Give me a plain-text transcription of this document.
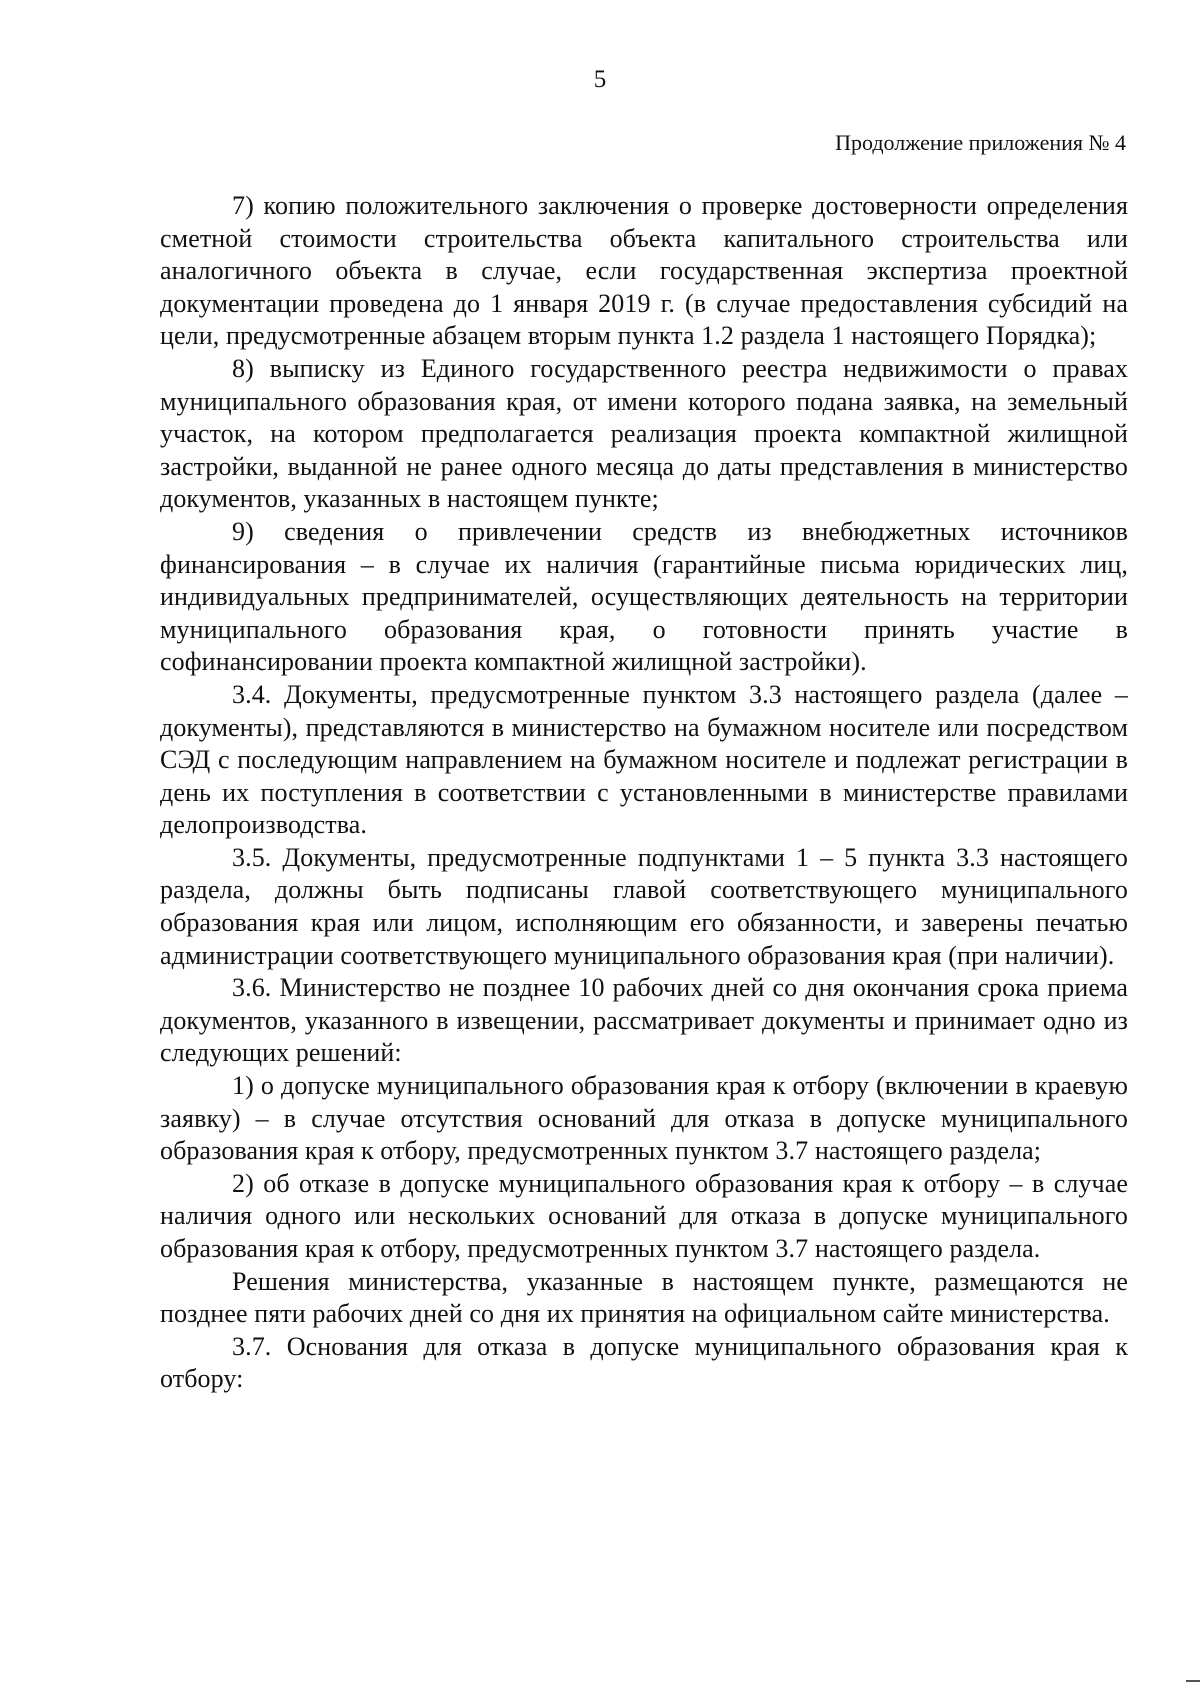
5
Продолжение приложения № 4

7) копию положительного заключения о проверке достоверности определения сметной стоимости строительства объекта капитального строительства или аналогичного объекта в случае, если государственная экспертиза проектной документации проведена до 1 января 2019 г. (в случае предоставления субсидий на цели, предусмотренные абзацем вторым пункта 1.2 раздела 1 настоящего Порядка);

8) выписку из Единого государственного реестра недвижимости о правах муниципального образования края, от имени которого подана заявка, на земельный участок, на котором предполагается реализация проекта компактной жилищной застройки, выданной не ранее одного месяца до даты представления в министерство документов, указанных в настоящем пункте;

9) сведения о привлечении средств из внебюджетных источников финансирования – в случае их наличия (гарантийные письма юридических лиц, индивидуальных предпринимателей, осуществляющих деятельность на территории муниципального образования края, о готовности принять участие в софинансировании проекта компактной жилищной застройки).

3.4. Документы, предусмотренные пунктом 3.3 настоящего раздела (далее – документы), представляются в министерство на бумажном носителе или посредством СЭД с последующим направлением на бумажном носителе и подлежат регистрации в день их поступления в соответствии с установленными в министерстве правилами делопроизводства.

3.5. Документы, предусмотренные подпунктами 1 – 5 пункта 3.3 настоящего раздела, должны быть подписаны главой соответствующего муниципального образования края или лицом, исполняющим его обязанности, и заверены печатью администрации соответствующего муниципального образования края (при наличии).

3.6. Министерство не позднее 10 рабочих дней со дня окончания срока приема документов, указанного в извещении, рассматривает документы и принимает одно из следующих решений:

1) о допуске муниципального образования края к отбору (включении в краевую заявку) – в случае отсутствия оснований для отказа в допуске муниципального образования края к отбору, предусмотренных пунктом 3.7 настоящего раздела;

2) об отказе в допуске муниципального образования края к отбору – в случае наличия одного или нескольких оснований для отказа в допуске муниципального образования края к отбору, предусмотренных пунктом 3.7 настоящего раздела.

Решения министерства, указанные в настоящем пункте, размещаются не позднее пяти рабочих дней со дня их принятия на официальном сайте министерства.

3.7. Основания для отказа в допуске муниципального образования края к отбору:
